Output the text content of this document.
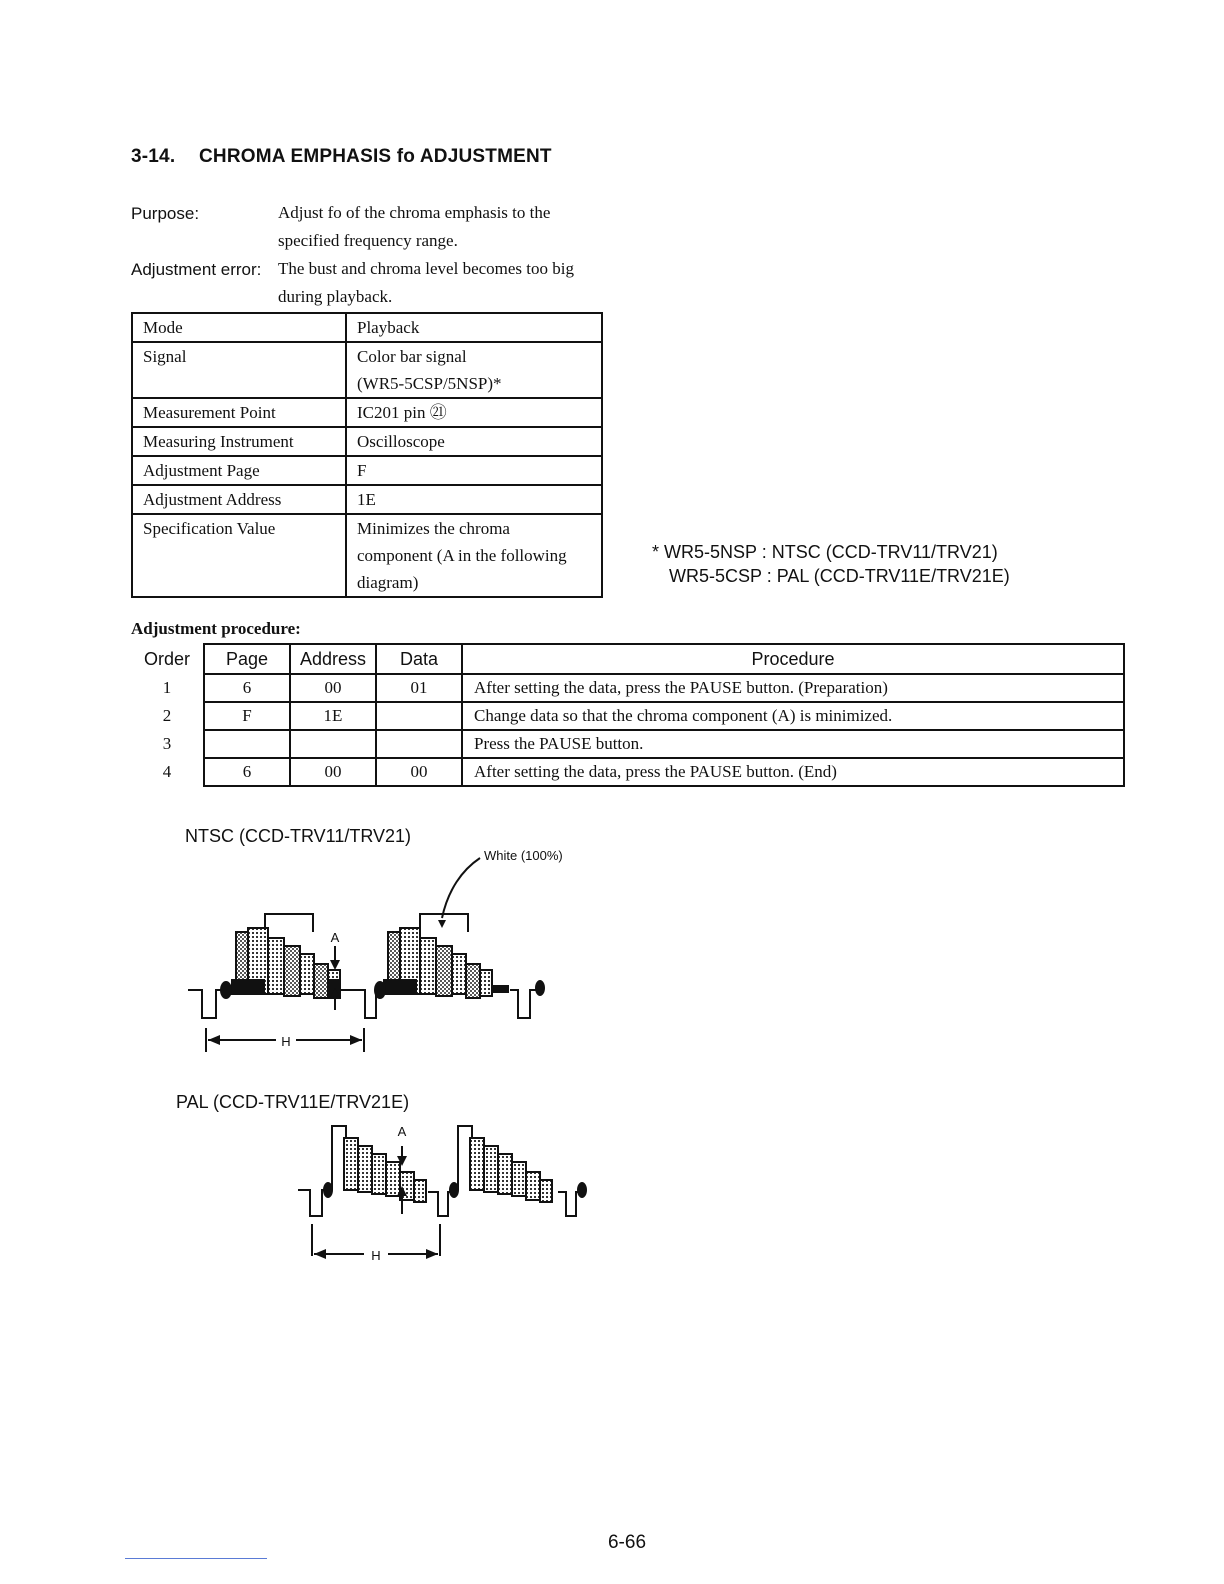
3-14. CHROMA EMPHASIS fo ADJUSTMENT
Purpose:	Adjust fo of the chroma emphasis to the
specified frequency range.
Adjustment error: The bust and chroma level becomes too big
during playback.
Mode	Playback

Signal	Color bar signal
(WR5-5CSP/5NSP)*

Measurement Point	IC201 pin ㉑

Measuring Instrument	Oscilloscope

Adjustment Page	F

Adjustment Address	1E

Specification Value	Minimizes the chroma
component (A in the following
diagram)
* WR5-5NSP : NTSC (CCD-TRV11/TRV21)
WR5-5CSP : PAL (CCD-TRV11E/TRV21E)
Adjustment procedure:
Order	Page	Address	Data	Procedure
1	6	00	01	After setting the data, press the PAUSE button. (Preparation)
2	F	1E		Change data so that the chroma component (A) is minimized.
3				Press the PAUSE button.
4	6	00	00	After setting the data, press the PAUSE button. (End)
NTSC (CCD-TRV11/TRV21)
A
H
White (100%)
PAL (CCD-TRV11E/TRV21E)
A
H
6-66
